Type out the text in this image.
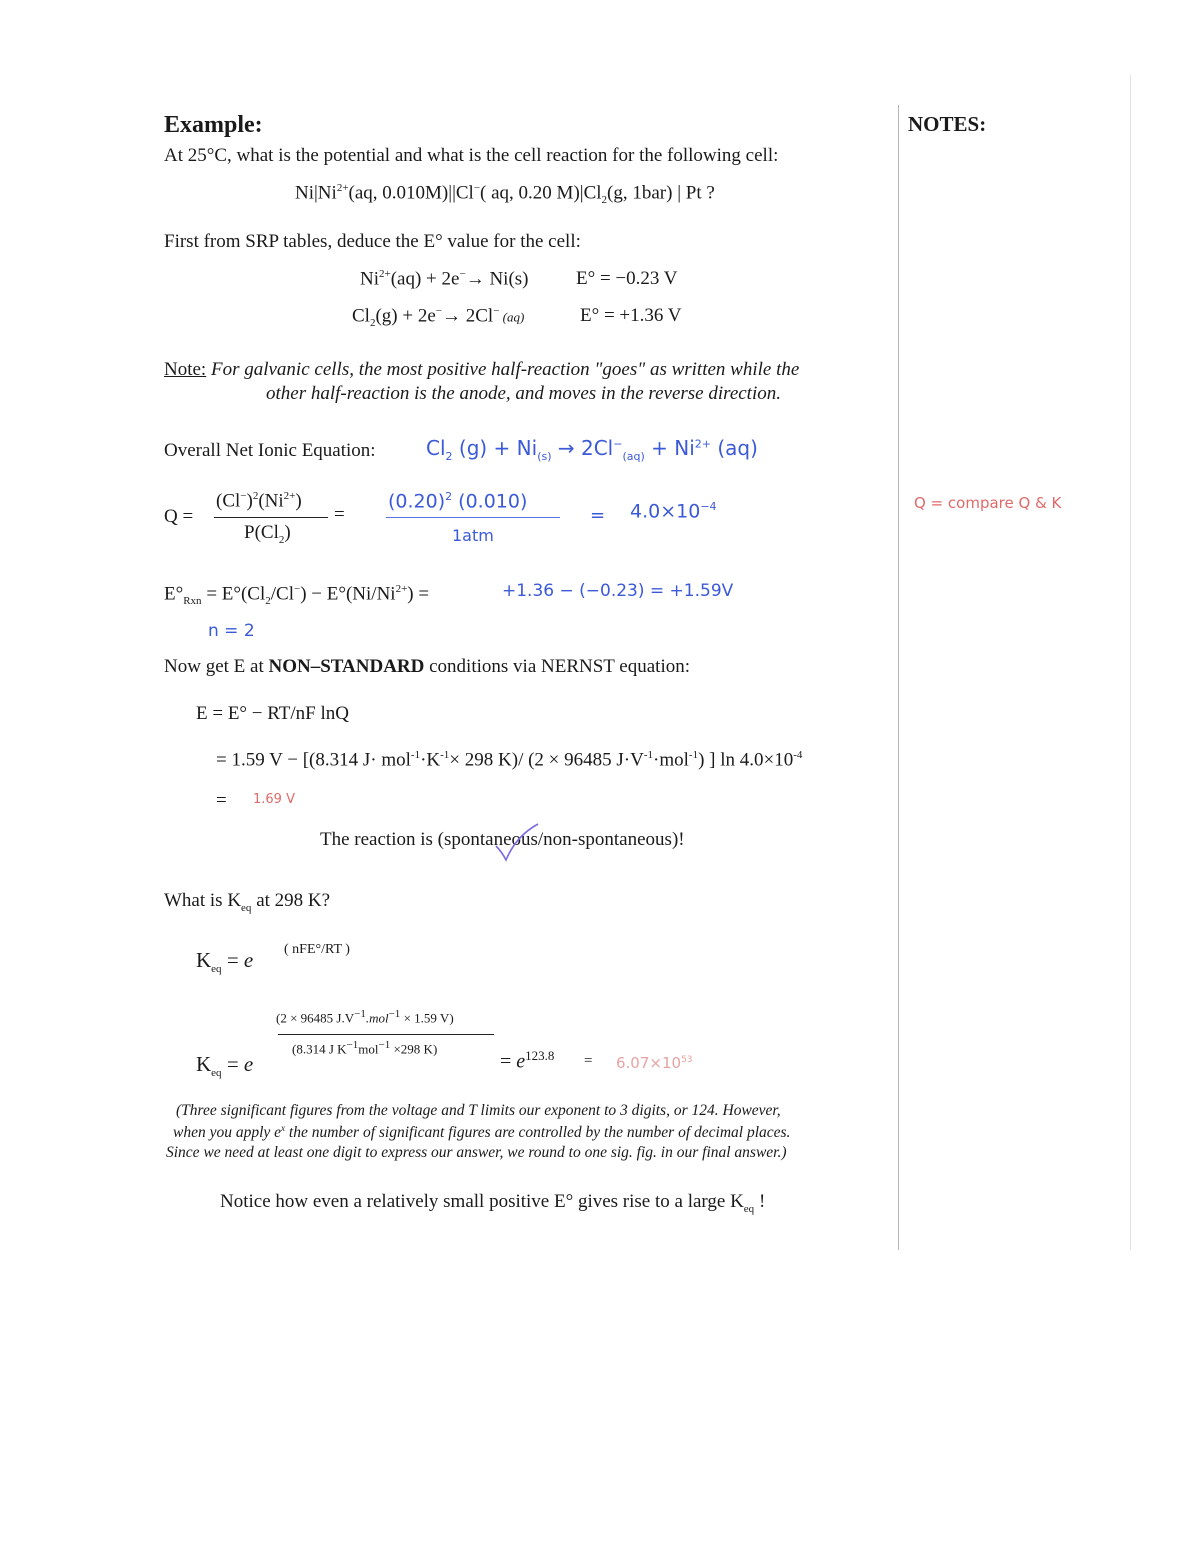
Example:	NOTES:
At 25°C, what is the potential and what is the cell reaction for the following cell:
$Ni|Ni^{2+}(aq$, 0.010M)||Cl−( aq, 0.20 $M)|Cl_2(g$, 1bar) | Pt ?
First from SRP tables, deduce the E° value for the cell:
$Ni^{2+}(aq) + 2e^-\to Ni(s)$	E° = −0.23 V
$Cl_2(g) + 2e^-\to 2Cl^-$ (aq)	E° = +1.36 V
Note: For galvanic cells, the most positive half-reaction "goes" as written while the
other half-reaction is the anode, and moves in the reverse direction.
Overall Net Ionic Equation:	$Cl_2$ $(g) + Ni_{(s)} \to 2Cl^-_{(aq)} + Ni^{2+}$ (aq)
Q =
$(Cl^-)^2(Ni^{2+})$
$P(Cl_2)$
=
$(0.20)^2$ (0.010)
1atm
= $4.0\times 10^{-4}$	Q = compare Q & K
$E^\circ_{Rxn} = E^\circ(Cl_2/Cl^-) - E^\circ(Ni/Ni^{2+})$ =	+1.36 − (−0.23) = +1.59V
n = 2
Now get E at NON–STANDARD conditions via NERNST equation:
E = E° − RT/nF lnQ
= 1.59 V − [(8.314 $J\cdot mol^{-1}\cdot K^{-1}\times 298$ K)/ (2 × 96485 $J\cdot V^{-1}\cdot mol^{-1}$) ] $\ln 4.0\times 10^{-4}$
= 1.69 V
The reaction is (spontaneous/non-spontaneous)!
What is $K_{eq}$ at 298 K?
$K_{eq} = e$ ( nFE°/RT )
(2 × 96485 $J.V^{-1}.mol^{-1} \times 1.59$ V)
(8.314 J $K^{-1}mol^{-1} \times 298$ K)
$K_{eq} = e$	= $e^{123.8} = 6.07\times 10^{53}$
(Three significant figures from the voltage and T limits our exponent to 3 digits, or 124. However,
when you apply $e^x$ the number of significant figures are controlled by the number of decimal places.
Since we need at least one digit to express our answer, we round to one sig. fig. in our final answer.)
Notice how even a relatively small positive E° gives rise to a large $K_{eq}$ !
